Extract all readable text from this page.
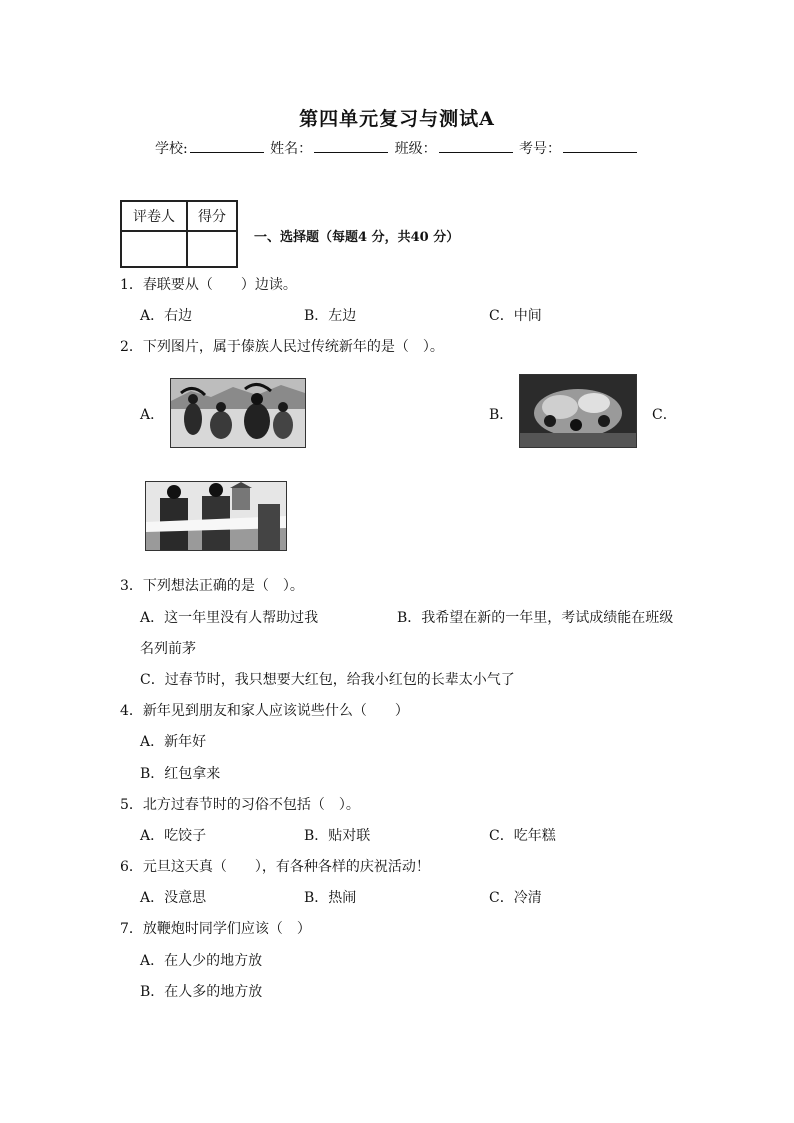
第四单元复习与测试A
学校:	姓名：	班级：	考号：
评卷人	得分

一、选择题（每题4 分，共40 分）
1．春联要从（　　）边读。
A．右边	B．左边	C．中间
2．下列图片，属于傣族人民过传统新年的是（　）。
A．	B．	C．
3．下列想法正确的是（　）。
A．这一年里没有人帮助过我	B．我希望在新的一年里，考试成绩能在班级
名列前茅
C．过春节时，我只想要大红包，给我小红包的长辈太小气了
4．新年见到朋友和家人应该说些什么（　　）
A．新年好
B．红包拿来
5．北方过春节时的习俗不包括（　）。
A．吃饺子	B．贴对联	C．吃年糕
6．元旦这天真（　　），有各种各样的庆祝活动！
A．没意思	B．热闹	C．冷清
7．放鞭炮时同学们应该（　）
A．在人少的地方放
B．在人多的地方放
